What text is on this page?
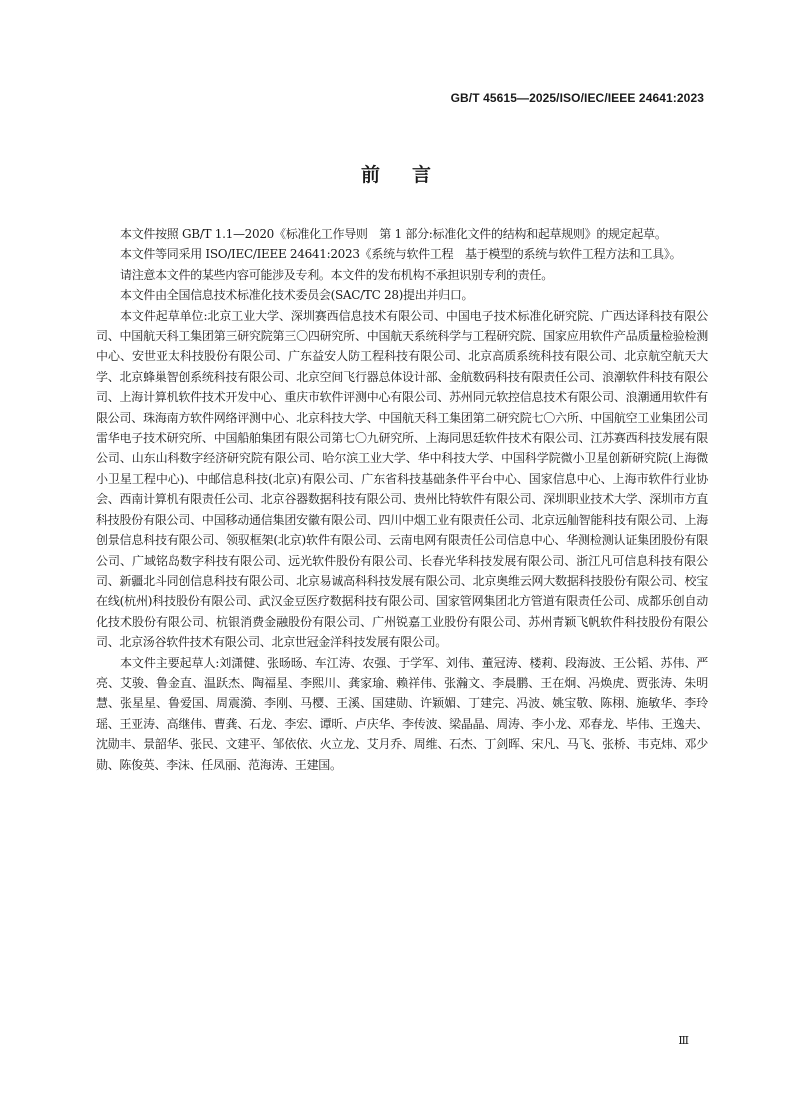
GB/T 45615—2025/ISO/IEC/IEEE 24641:2023
前言

本文件按照 GB/T 1.1—2020《标准化工作导则　第 1 部分:标准化文件的结构和起草规则》的规定起草。

本文件等同采用 ISO/IEC/IEEE 24641:2023《系统与软件工程　基于模型的系统与软件工程方法和工具》。

请注意本文件的某些内容可能涉及专利。本文件的发布机构不承担识别专利的责任。

本文件由全国信息技术标准化技术委员会(SAC/TC 28)提出并归口。

本文件起草单位:北京工业大学、深圳赛西信息技术有限公司、中国电子技术标准化研究院、广西达译科技有限公司、中国航天科工集团第三研究院第三〇四研究所、中国航天系统科学与工程研究院、国家应用软件产品质量检验检测中心、安世亚太科技股份有限公司、广东益安人防工程科技有限公司、北京高质系统科技有限公司、北京航空航天大学、北京蜂巢智创系统科技有限公司、北京空间飞行器总体设计部、金航数码科技有限责任公司、浪潮软件科技有限公司、上海计算机软件技术开发中心、重庆市软件评测中心有限公司、苏州同元软控信息技术有限公司、浪潮通用软件有限公司、珠海南方软件网络评测中心、北京科技大学、中国航天科工集团第二研究院七〇六所、中国航空工业集团公司雷华电子技术研究所、中国船舶集团有限公司第七〇九研究所、上海同思廷软件技术有限公司、江苏赛西科技发展有限公司、山东山科数字经济研究院有限公司、哈尔滨工业大学、华中科技大学、中国科学院微小卫星创新研究院(上海微小卫星工程中心)、中邮信息科技(北京)有限公司、广东省科技基础条件平台中心、国家信息中心、上海市软件行业协会、西南计算机有限责任公司、北京谷器数据科技有限公司、贵州比特软件有限公司、深圳职业技术大学、深圳市方直科技股份有限公司、中国移动通信集团安徽有限公司、四川中烟工业有限责任公司、北京远舢智能科技有限公司、上海创景信息科技有限公司、领驭框架(北京)软件有限公司、云南电网有限责任公司信息中心、华测检测认证集团股份有限公司、广域铭岛数字科技有限公司、远光软件股份有限公司、长春光华科技发展有限公司、浙江凡可信息科技有限公司、新疆北斗同创信息科技有限公司、北京易诚高科科技发展有限公司、北京奥维云网大数据科技股份有限公司、校宝在线(杭州)科技股份有限公司、武汉金豆医疗数据科技有限公司、国家管网集团北方管道有限责任公司、成都乐创自动化技术股份有限公司、杭银消费金融股份有限公司、广州锐嘉工业股份有限公司、苏州青颖飞帆软件科技股份有限公司、北京汤谷软件技术有限公司、北京世冠金洋科技发展有限公司。

本文件主要起草人:刘潇健、张旸旸、车江涛、农强、于学军、刘伟、董冠涛、楼莉、段海波、王公韬、苏伟、严亮、艾骏、鲁金直、温跃杰、陶福星、李熙川、龚家瑜、赖祥伟、张瀚文、李晨鹏、王在炯、冯焕虎、贾张涛、朱明慧、张星星、鲁爱国、周震漪、李刚、马樱、王溪、国建勋、许颖媚、丁建完、冯波、姚宝敬、陈栩、施敏华、李玲瑶、王亚涛、高继伟、曹龚、石龙、李宏、谭昕、卢庆华、李传波、梁晶晶、周涛、李小龙、邓春龙、毕伟、王逸夫、沈勋丰、景韶华、张民、文建平、邹依依、火立龙、艾月乔、周维、石杰、丁剑晖、宋凡、马飞、张桥、韦克炜、邓少勋、陈俊英、李沫、任凤丽、范海涛、王建国。

Ⅲ
